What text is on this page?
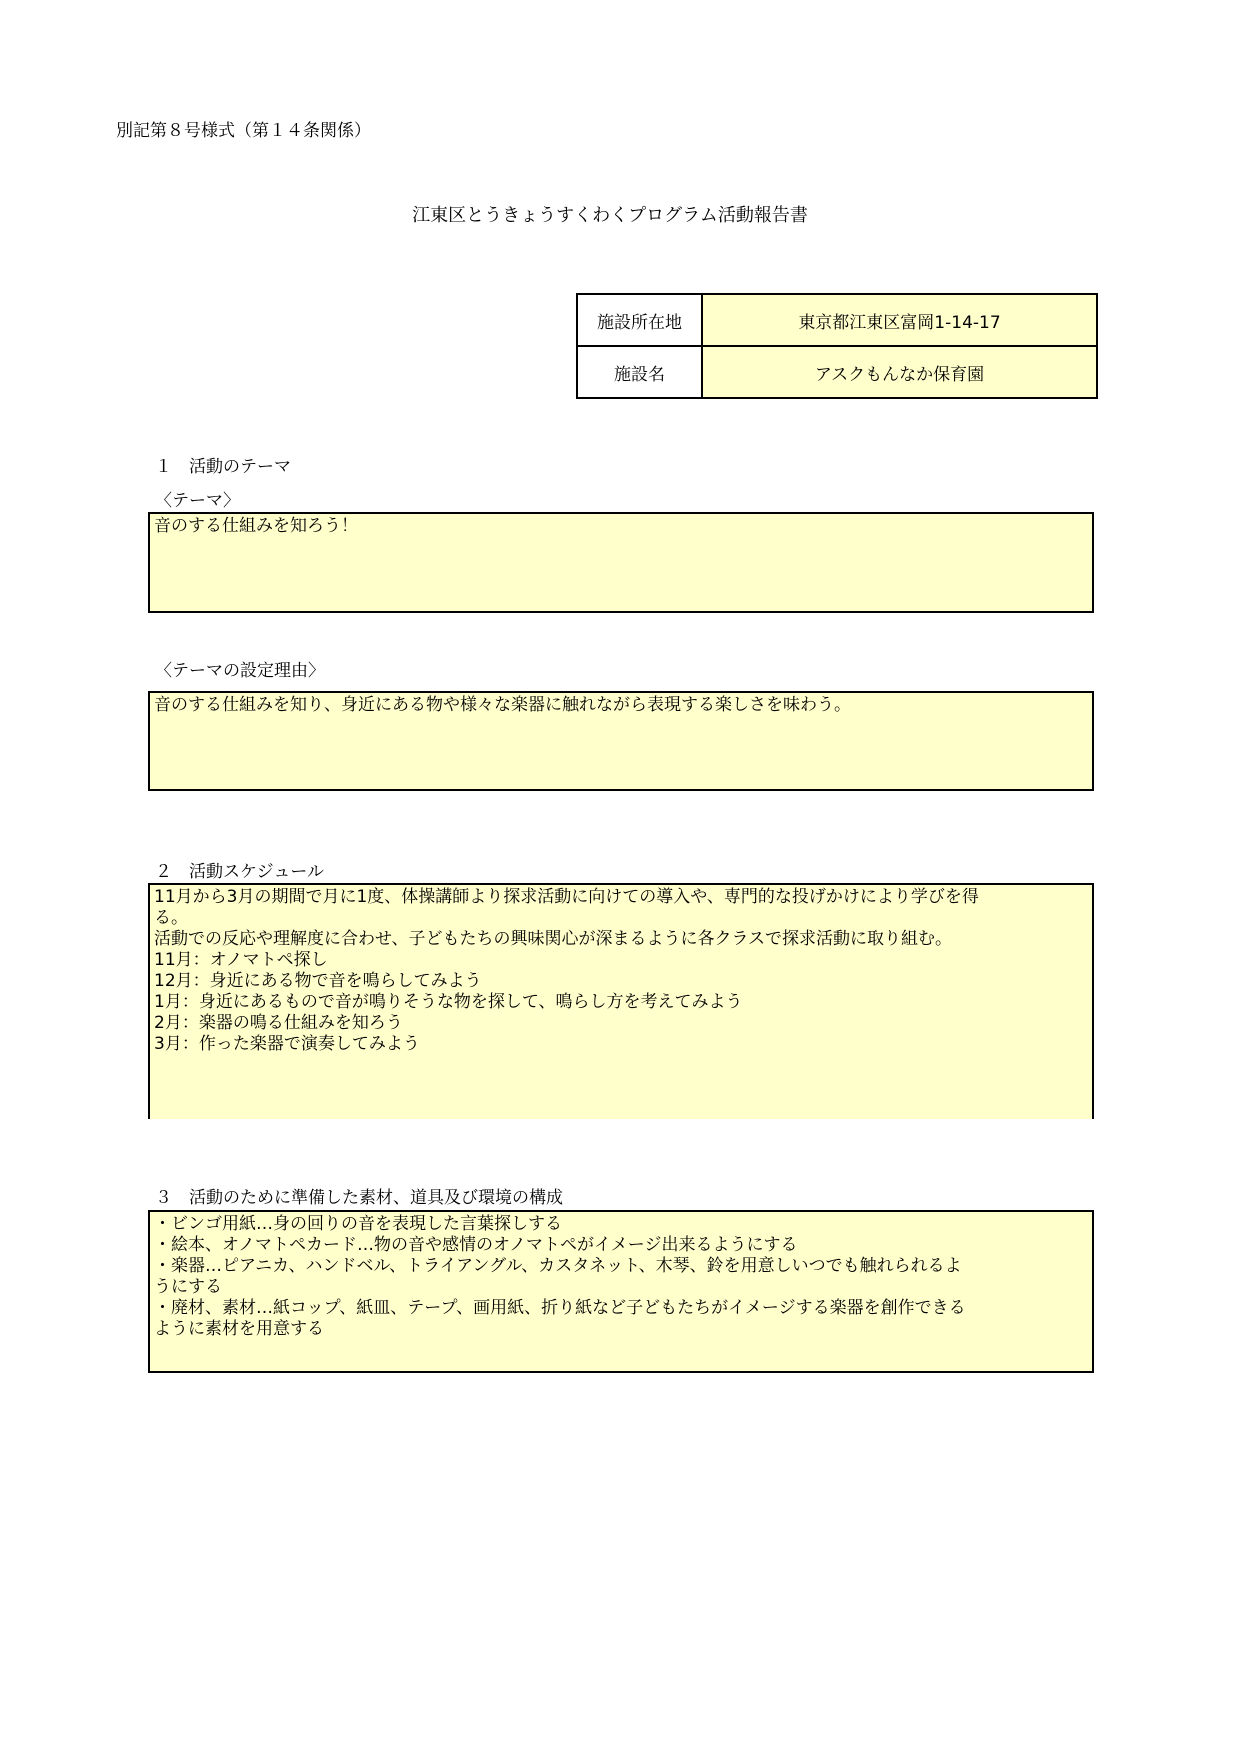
別記第８号様式（第１４条関係）
江東区とうきょうすくわくプログラム活動報告書
施設所在地	東京都江東区富岡1-14-17
施設名	アスクもんなか保育園
１　活動のテーマ
〈テーマ〉
音のする仕組みを知ろう！
〈テーマの設定理由〉
音のする仕組みを知り、身近にある物や様々な楽器に触れながら表現する楽しさを味わう。
２　活動スケジュール
11月から3月の期間で月に1度、体操講師より探求活動に向けての導入や、専門的な投げかけにより学びを得
る。
活動での反応や理解度に合わせ、子どもたちの興味関心が深まるように各クラスで探求活動に取り組む。
11月：オノマトペ探し
12月：身近にある物で音を鳴らしてみよう
1月：身近にあるもので音が鳴りそうな物を探して、鳴らし方を考えてみよう
2月：楽器の鳴る仕組みを知ろう
3月：作った楽器で演奏してみよう
３　活動のために準備した素材、道具及び環境の構成
・ビンゴ用紙…身の回りの音を表現した言葉探しする
・絵本、オノマトペカード…物の音や感情のオノマトペがイメージ出来るようにする
・楽器…ピアニカ、ハンドベル、トライアングル、カスタネット、木琴、鈴を用意しいつでも触れられるよ
うにする
・廃材、素材…紙コップ、紙皿、テープ、画用紙、折り紙など子どもたちがイメージする楽器を創作できる
ように素材を用意する
